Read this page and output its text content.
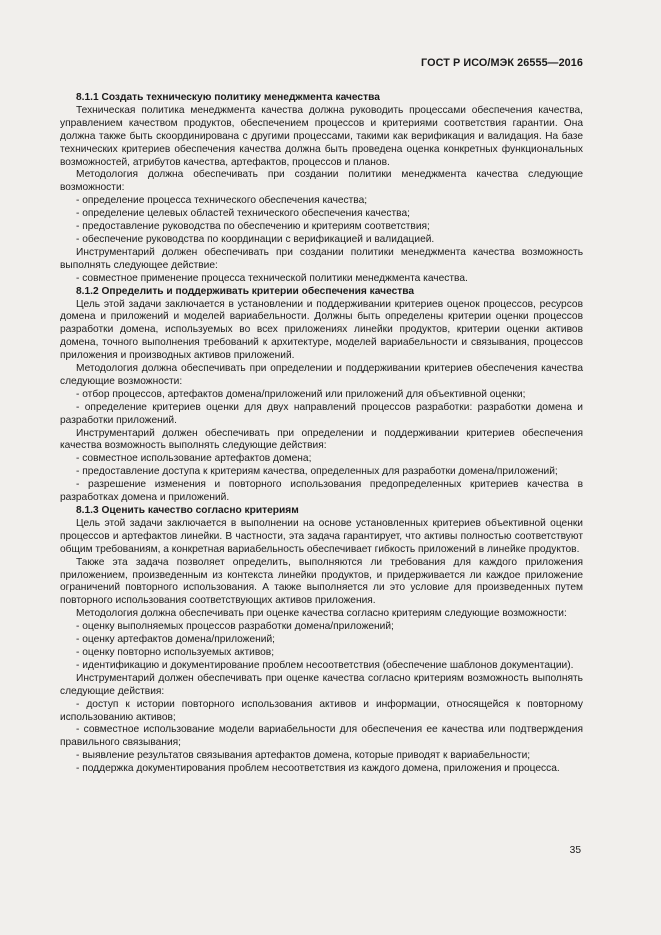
ГОСТ Р ИСО/МЭК 26555—2016

8.1.1 Создать техническую политику менеджмента качества

Техническая политика менеджмента качества должна руководить процессами обеспечения качества, управлением качеством продуктов, обеспечением процессов и критериями соответствия гарантии. Она должна также быть скоординирована с другими процессами, такими как верификация и валидация. На базе технических критериев обеспечения качества должна быть проведена оценка конкретных функциональных возможностей, атрибутов качества, артефактов, процессов и планов.

Методология должна обеспечивать при создании политики менеджмента качества следующие возможности:

- определение процесса технического обеспечения качества;

- определение целевых областей технического обеспечения качества;

- предоставление руководства по обеспечению и критериям соответствия;

- обеспечение руководства по координации с верификацией и валидацией.

Инструментарий должен обеспечивать при создании политики менеджмента качества возможность выполнять следующее действие:

- совместное применение процесса технической политики менеджмента качества.

8.1.2 Определить и поддерживать критерии обеспечения качества

Цель этой задачи заключается в установлении и поддерживании критериев оценок процессов, ресурсов домена и приложений и моделей вариабельности. Должны быть определены критерии оценки процессов разработки домена, используемых во всех приложениях линейки продуктов, критерии оценки активов домена, точного выполнения требований к архитектуре, моделей вариабельности и связывания, процессов приложения и производных активов приложений.

Методология должна обеспечивать при определении и поддерживании критериев обеспечения качества следующие возможности:

- отбор процессов, артефактов домена/приложений или приложений для объективной оценки;

- определение критериев оценки для двух направлений процессов разработки: разработки домена и разработки приложений.

Инструментарий должен обеспечивать при определении и поддерживании критериев обеспечения качества возможность выполнять следующие действия:

- совместное использование артефактов домена;

- предоставление доступа к критериям качества, определенных для разработки домена/приложений;

- разрешение изменения и повторного использования предопределенных критериев качества в разработках домена и приложений.

8.1.3 Оценить качество согласно критериям

Цель этой задачи заключается в выполнении на основе установленных критериев объективной оценки процессов и артефактов линейки. В частности, эта задача гарантирует, что активы полностью соответствуют общим требованиям, а конкретная вариабельность обеспечивает гибкость приложений в линейке продуктов.

Также эта задача позволяет определить, выполняются ли требования для каждого приложения приложением, произведенным из контекста линейки продуктов, и придерживается ли каждое приложение ограничений повторного использования. А также выполняется ли это условие для произведенных путем повторного использования соответствующих активов приложения.

Методология должна обеспечивать при оценке качества согласно критериям следующие возможности:

- оценку выполняемых процессов разработки домена/приложений;

- оценку артефактов домена/приложений;

- оценку повторно используемых активов;

- идентификацию и документирование проблем несоответствия (обеспечение шаблонов документации).

Инструментарий должен обеспечивать при оценке качества согласно критериям возможность выполнять следующие действия:

- доступ к истории повторного использования активов и информации, относящейся к повторному использованию активов;

- совместное использование модели вариабельности для обеспечения ее качества или подтверждения правильного связывания;

- выявление результатов связывания артефактов домена, которые приводят к вариабельности;

- поддержка документирования проблем несоответствия из каждого домена, приложения и процесса.

35
